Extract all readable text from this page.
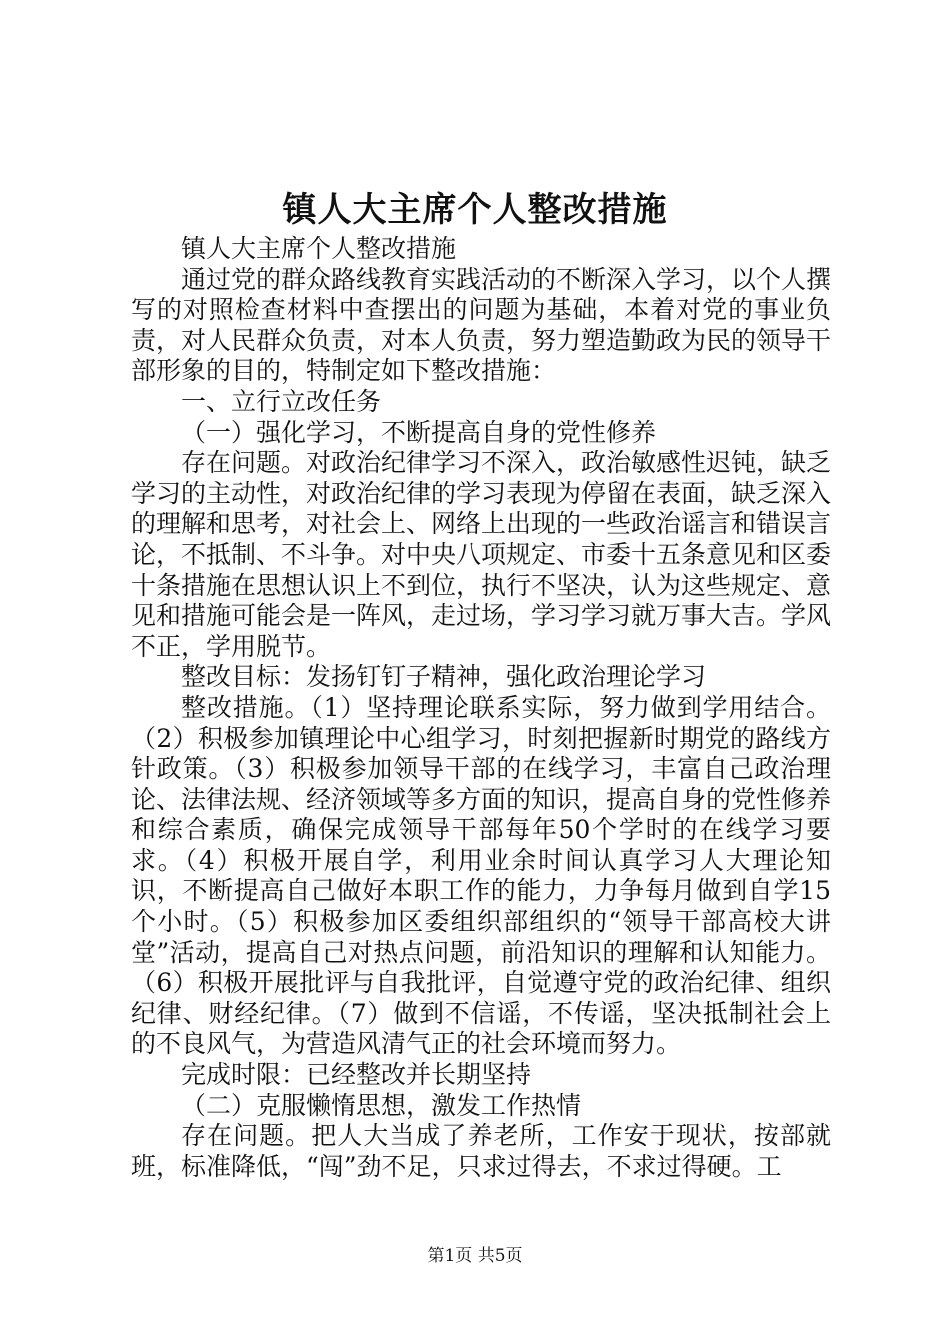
镇人大主席个人整改措施

镇人大主席个人整改措施

通过党的群众路线教育实践活动的不断深入学习，以个人撰写的对照检查材料中查摆出的问题为基础，本着对党的事业负责，对人民群众负责，对本人负责，努力塑造勤政为民的领导干部形象的目的，特制定如下整改措施：

一、立行立改任务

（一）强化学习，不断提高自身的党性修养

存在问题。对政治纪律学习不深入，政治敏感性迟钝，缺乏学习的主动性，对政治纪律的学习表现为停留在表面，缺乏深入的理解和思考，对社会上、网络上出现的一些政治谣言和错误言论，不抵制、不斗争。对中央八项规定、市委十五条意见和区委十条措施在思想认识上不到位，执行不坚决，认为这些规定、意见和措施可能会是一阵风，走过场，学习学习就万事大吉。学风不正，学用脱节。

整改目标：发扬钉钉子精神，强化政治理论学习

整改措施。（1）坚持理论联系实际，努力做到学用结合。（2）积极参加镇理论中心组学习，时刻把握新时期党的路线方针政策。（3）积极参加领导干部的在线学习，丰富自己政治理论、法律法规、经济领域等多方面的知识，提高自身的党性修养和综合素质，确保完成领导干部每年50个学时的在线学习要求。（4）积极开展自学，利用业余时间认真学习人大理论知识，不断提高自己做好本职工作的能力，力争每月做到自学15个小时。（5）积极参加区委组织部组织的“领导干部高校大讲堂”活动，提高自己对热点问题，前沿知识的理解和认知能力。（6）积极开展批评与自我批评，自觉遵守党的政治纪律、组织纪律、财经纪律。（7）做到不信谣，不传谣，坚决抵制社会上的不良风气，为营造风清气正的社会环境而努力。

完成时限：已经整改并长期坚持

（二）克服懒惰思想，激发工作热情

存在问题。把人大当成了养老所，工作安于现状，按部就班，标准降低，“闯”劲不足，只求过得去，不求过得硬。工

第1页 共5页
